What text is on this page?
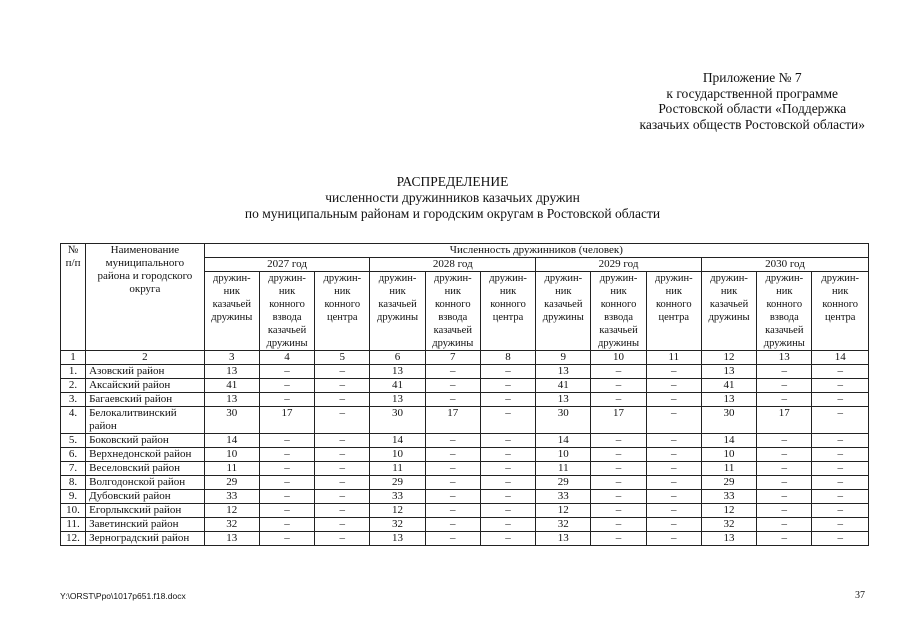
Приложение № 7
к государственной программе
Ростовской области «Поддержка
казачьих обществ Ростовской области»
РАСПРЕДЕЛЕНИЕ
численности дружинников казачьих дружин
по муниципальным районам и городским округам в Ростовской области
№ п/п	Наименование муниципального района и городского округа	Численность дружинников (человек)											
		2027 год			2028 год			2029 год			2030 год		
		дружин-ник казачьей дружины	дружин-ник конного взвода казачьей дружины	дружин-ник конного центра	дружин-ник казачьей дружины	дружин-ник конного взвода казачьей дружины	дружин-ник конного центра	дружин-ник казачьей дружины	дружин-ник конного взвода казачьей дружины	дружин-ник конного центра	дружин-ник казачьей дружины	дружин-ник конного взвода казачьей дружины	дружин-ник конного центра
1	2	3	4	5	6	7	8	9	10	11	12	13	14
1.	Азовский район	13	–	–	13	–	–	13	–	–	13	–	–
2.	Аксайский район	41	–	–	41	–	–	41	–	–	41	–	–
3.	Багаевский район	13	–	–	13	–	–	13	–	–	13	–	–
4.	Белокалитвинский район	30	17	–	30	17	–	30	17	–	30	17	–
5.	Боковский район	14	–	–	14	–	–	14	–	–	14	–	–
6.	Верхнедонской район	10	–	–	10	–	–	10	–	–	10	–	–
7.	Веселовский район	11	–	–	11	–	–	11	–	–	11	–	–
8.	Волгодонской район	29	–	–	29	–	–	29	–	–	29	–	–
9.	Дубовский район	33	–	–	33	–	–	33	–	–	33	–	–
10.	Егорлыкский район	12	–	–	12	–	–	12	–	–	12	–	–
11.	Заветинский район	32	–	–	32	–	–	32	–	–	32	–	–
12.	Зерноградский район	13	–	–	13	–	–	13	–	–	13	–	–
Y:\ORST\Ppo\1017p651.f18.docx	37
